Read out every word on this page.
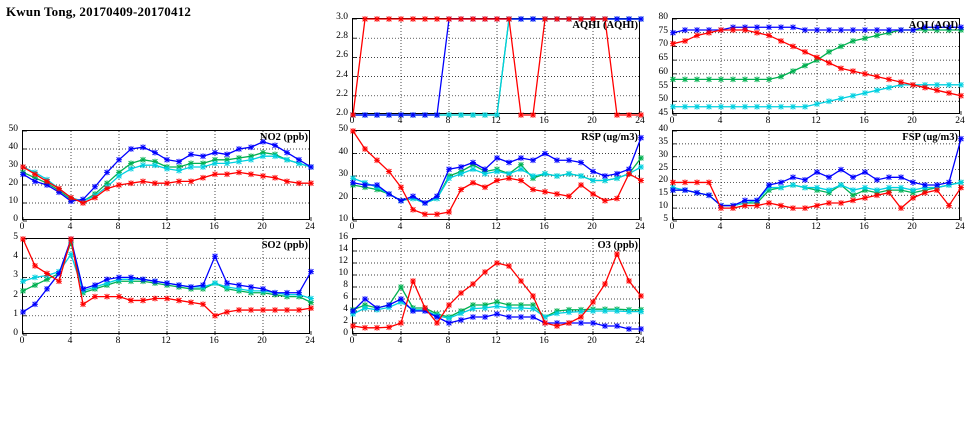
Kwun Tong, 20170409-20170412
AQHI (AQHI)
0	4	8	12	16	20	24
2.0
2.2
2.4
2.6
2.8
3.0
AQI (AQI)
0	4	8	12	16	20	24
45
50
55
60
65
70
75
80
NO2 (ppb)
0	4	8	12	16	20	24
0
10
20
30
40
50
RSP (ug/m3)
0	4	8	12	16	20	24
10
20
30
40
50
FSP (ug/m3)
0	4	8	12	16	20	24
5
10
15
20
25
30
35
40
SO2 (ppb)
0	4	8	12	16	20	24
0
1
2
3
4
5
O3 (ppb)
0	4	8	12	16	20	24
0
2
4
6
8
10
12
14
16
